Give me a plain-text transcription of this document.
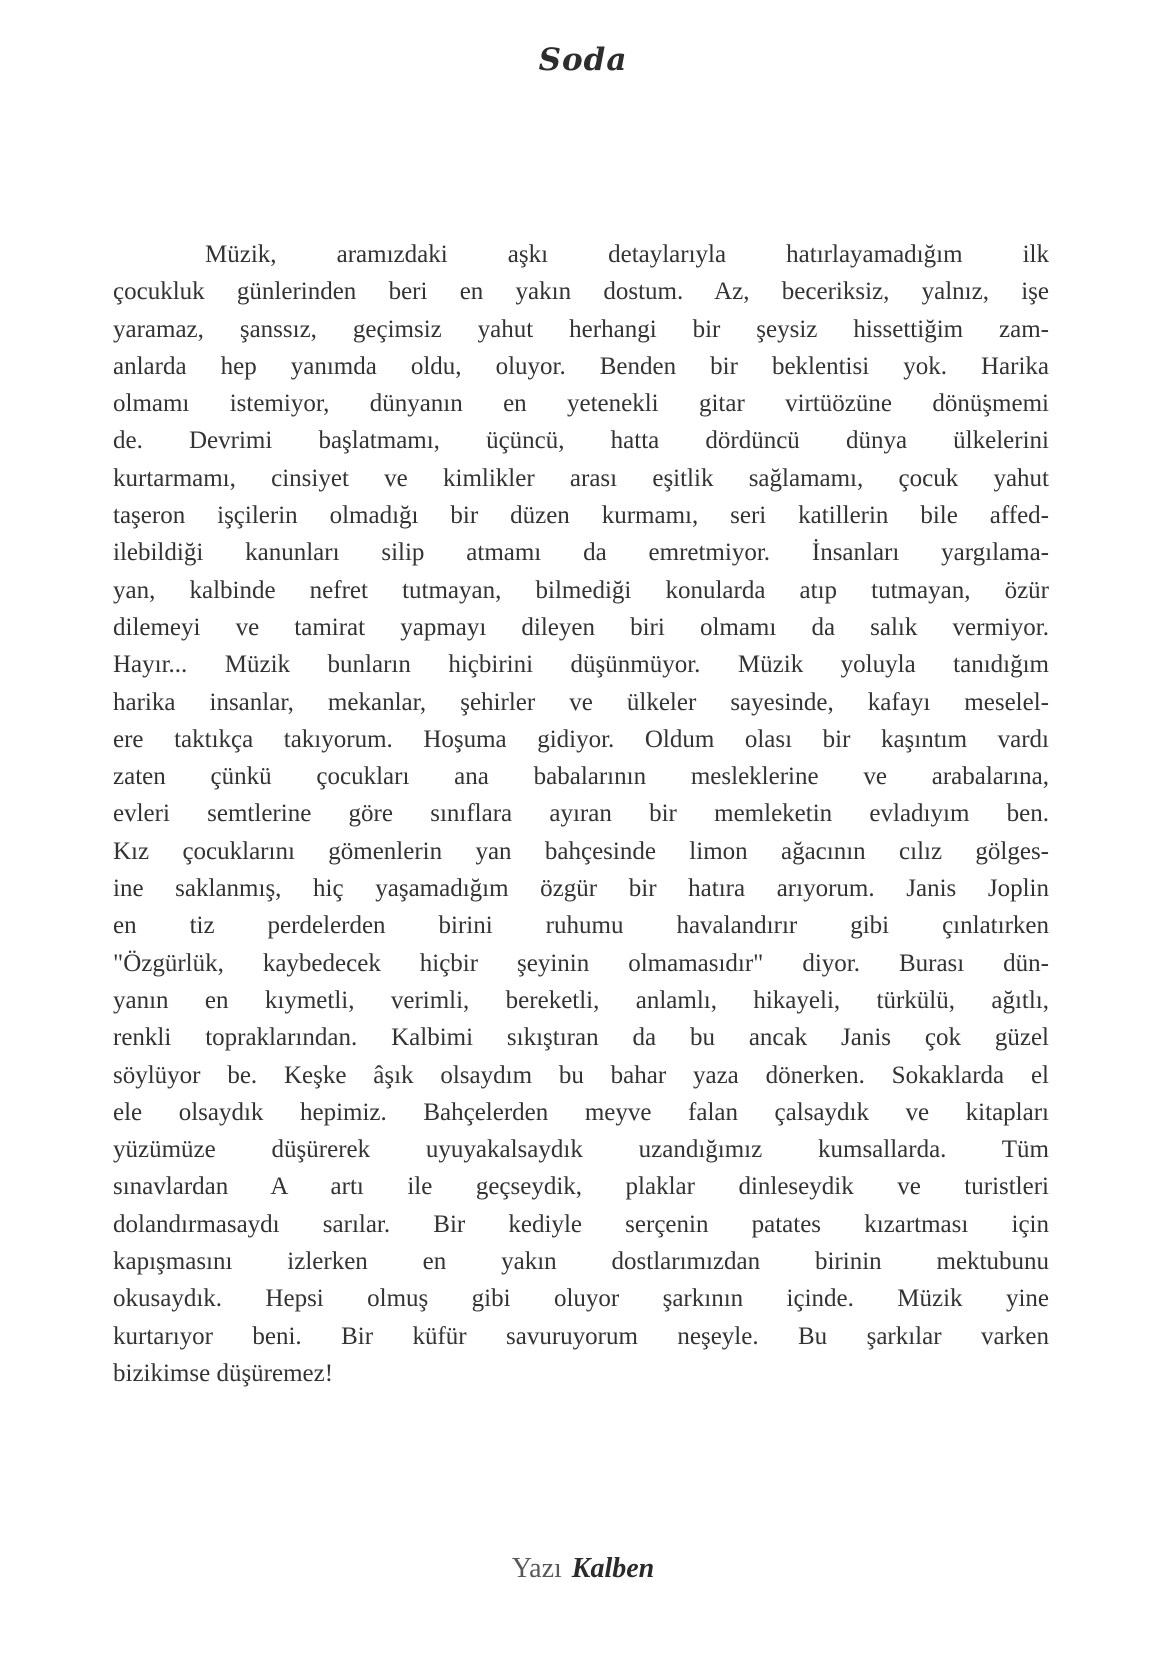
Soda
Müzik, aramızdaki aşkı detaylarıyla hatırlayamadığım ilk
çocukluk günlerinden beri en yakın dostum. Az, beceriksiz, yalnız, işe
yaramaz, şanssız, geçimsiz yahut herhangi bir şeysiz hissettiğim zam-
anlarda hep yanımda oldu, oluyor. Benden bir beklentisi yok. Harika
olmamı istemiyor, dünyanın en yetenekli gitar virtüözüne dönüşmemi
de. Devrimi başlatmamı, üçüncü, hatta dördüncü dünya ülkelerini
kurtarmamı, cinsiyet ve kimlikler arası eşitlik sağlamamı, çocuk yahut
taşeron işçilerin olmadığı bir düzen kurmamı, seri katillerin bile affed-
ilebildiği kanunları silip atmamı da emretmiyor. İnsanları yargılama-
yan, kalbinde nefret tutmayan, bilmediği konularda atıp tutmayan, özür
dilemeyi ve tamirat yapmayı dileyen biri olmamı da salık vermiyor.
Hayır... Müzik bunların hiçbirini düşünmüyor. Müzik yoluyla tanıdığım
harika insanlar, mekanlar, şehirler ve ülkeler sayesinde, kafayı meselel-
ere taktıkça takıyorum. Hoşuma gidiyor. Oldum olası bir kaşıntım vardı
zaten çünkü çocukları ana babalarının mesleklerine ve arabalarına,
evleri semtlerine göre sınıflara ayıran bir memleketin evladıyım ben.
Kız çocuklarını gömenlerin yan bahçesinde limon ağacının cılız gölges-
ine saklanmış, hiç yaşamadığım özgür bir hatıra arıyorum. Janis Joplin
en tiz perdelerden birini ruhumu havalandırır gibi çınlatırken
"Özgürlük, kaybedecek hiçbir şeyinin olmamasıdır" diyor. Burası dün-
yanın en kıymetli, verimli, bereketli, anlamlı, hikayeli, türkülü, ağıtlı,
renkli topraklarından. Kalbimi sıkıştıran da bu ancak Janis çok güzel
söylüyor be. Keşke âşık olsaydım bu bahar yaza dönerken. Sokaklarda el
ele olsaydık hepimiz. Bahçelerden meyve falan çalsaydık ve kitapları
yüzümüze düşürerek uyuyakalsaydık uzandığımız kumsallarda. Tüm
sınavlardan A artı ile geçseydik, plaklar dinleseydik ve turistleri
dolandırmasaydı sarılar. Bir kediyle serçenin patates kızartması için
kapışmasını izlerken en yakın dostlarımızdan birinin mektubunu
okusaydık. Hepsi olmuş gibi oluyor şarkının içinde. Müzik yine
kurtarıyor beni. Bir küfür savuruyorum neşeyle. Bu şarkılar varken
bizikimse düşüremez!
Yazı Kalben
